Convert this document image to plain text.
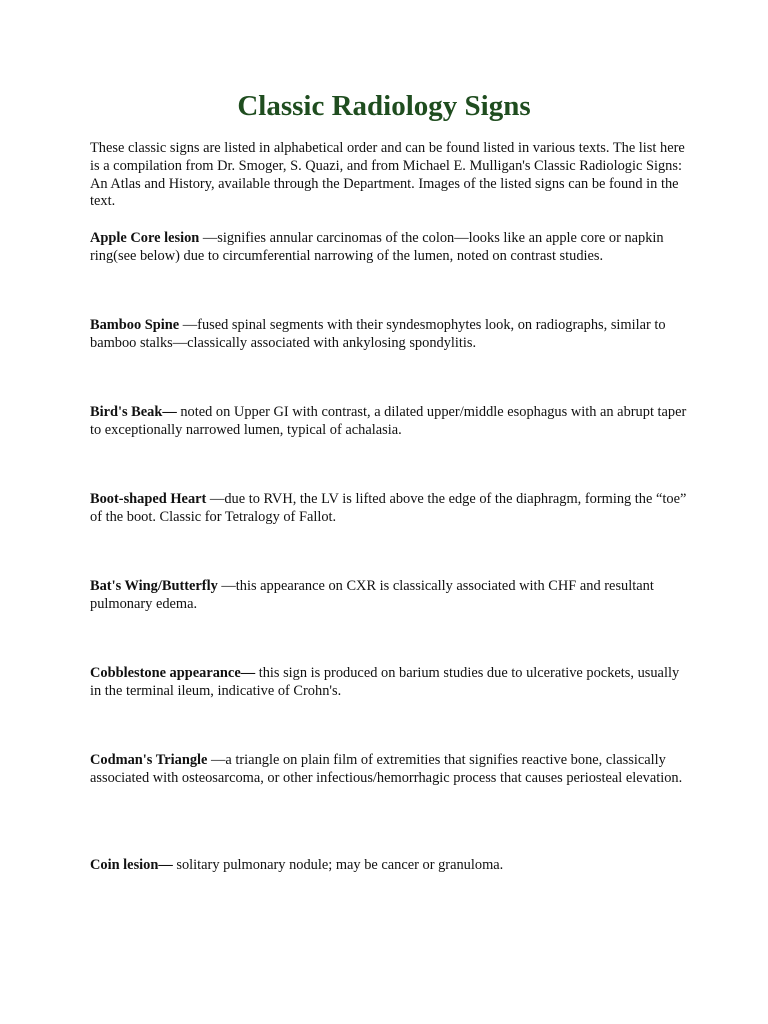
Classic Radiology Signs

These classic signs are listed in alphabetical order and can be found listed in various texts. The list here is a compilation from Dr. Smoger, S. Quazi, and from Michael E. Mulligan's Classic Radiologic Signs: An Atlas and History, available through the Department. Images of the listed signs can be found in the text.

Apple Core lesion —signifies annular carcinomas of the colon—looks like an apple core or napkin ring(see below) due to circumferential narrowing of the lumen, noted on contrast studies.

Bamboo Spine —fused spinal segments with their syndesmophytes look, on radiographs, similar to bamboo stalks—classically associated with ankylosing spondylitis.

Bird's Beak— noted on Upper GI with contrast, a dilated upper/middle esophagus with an abrupt taper to exceptionally narrowed lumen, typical of achalasia.

Boot-shaped Heart —due to RVH, the LV is lifted above the edge of the diaphragm, forming the “toe” of the boot. Classic for Tetralogy of Fallot.

Bat's Wing/Butterfly —this appearance on CXR is classically associated with CHF and resultant pulmonary edema.

Cobblestone appearance— this sign is produced on barium studies due to ulcerative pockets, usually in the terminal ileum, indicative of Crohn's.

Codman's Triangle —a triangle on plain film of extremities that signifies reactive bone, classically associated with osteosarcoma, or other infectious/hemorrhagic process that causes periosteal elevation.

Coin lesion— solitary pulmonary nodule; may be cancer or granuloma.
